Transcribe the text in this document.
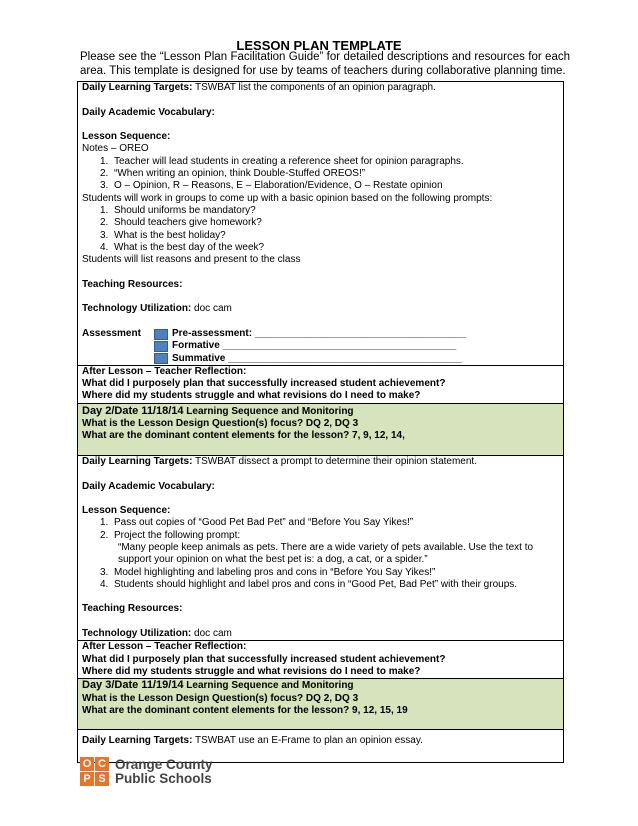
LESSON PLAN TEMPLATE
Please see the “Lesson Plan Facilitation Guide” for detailed descriptions and resources for each
area. This template is designed for use by teams of teachers during collaborative planning time.
Daily Learning Targets: TSWBAT list the components of an opinion paragraph.
Daily Academic Vocabulary:
Lesson Sequence:
Notes – OREO
1. Teacher will lead students in creating a reference sheet for opinion paragraphs.
2. “When writing an opinion, think Double-Stuffed OREOS!”
3. O – Opinion, R – Reasons, E – Elaboration/Evidence, O – Restate opinion
Students will work in groups to come up with a basic opinion based on the following prompts:
1. Should uniforms be mandatory?
2. Should teachers give homework?
3. What is the best holiday?
4. What is the best day of the week?
Students will list reasons and present to the class
Teaching Resources:
Technology Utilization: doc cam
Assessment	Pre-assessment: ______________________________________
Formative __________________________________________
Summative __________________________________________
After Lesson – Teacher Reflection:
What did I purposely plan that successfully increased student achievement?
Where did my students struggle and what revisions do I need to make?
Day 2/Date 11/18/14 Learning Sequence and Monitoring
What is the Lesson Design Question(s) focus? DQ 2, DQ 3
What are the dominant content elements for the lesson? 7, 9, 12, 14,
Daily Learning Targets: TSWBAT dissect a prompt to determine their opinion statement.
Daily Academic Vocabulary:
Lesson Sequence:
1. Pass out copies of “Good Pet Bad Pet” and “Before You Say Yikes!”
2. Project the following prompt:
“Many people keep animals as pets. There are a wide variety of pets available. Use the text to
support your opinion on what the best pet is: a dog, a cat, or a spider.”
3. Model highlighting and labeling pros and cons in “Before You Say Yikes!”
4. Students should highlight and label pros and cons in “Good Pet, Bad Pet” with their groups.
Teaching Resources:
Technology Utilization: doc cam
After Lesson – Teacher Reflection:
What did I purposely plan that successfully increased student achievement?
Where did my students struggle and what revisions do I need to make?
Day 3/Date 11/19/14 Learning Sequence and Monitoring
What is the Lesson Design Question(s) focus? DQ 2, DQ 3
What are the dominant content elements for the lesson? 9, 12, 15, 19
Daily Learning Targets: TSWBAT use an E-Frame to plan an opinion essay.
O C
P S
Orange County
Public Schools
